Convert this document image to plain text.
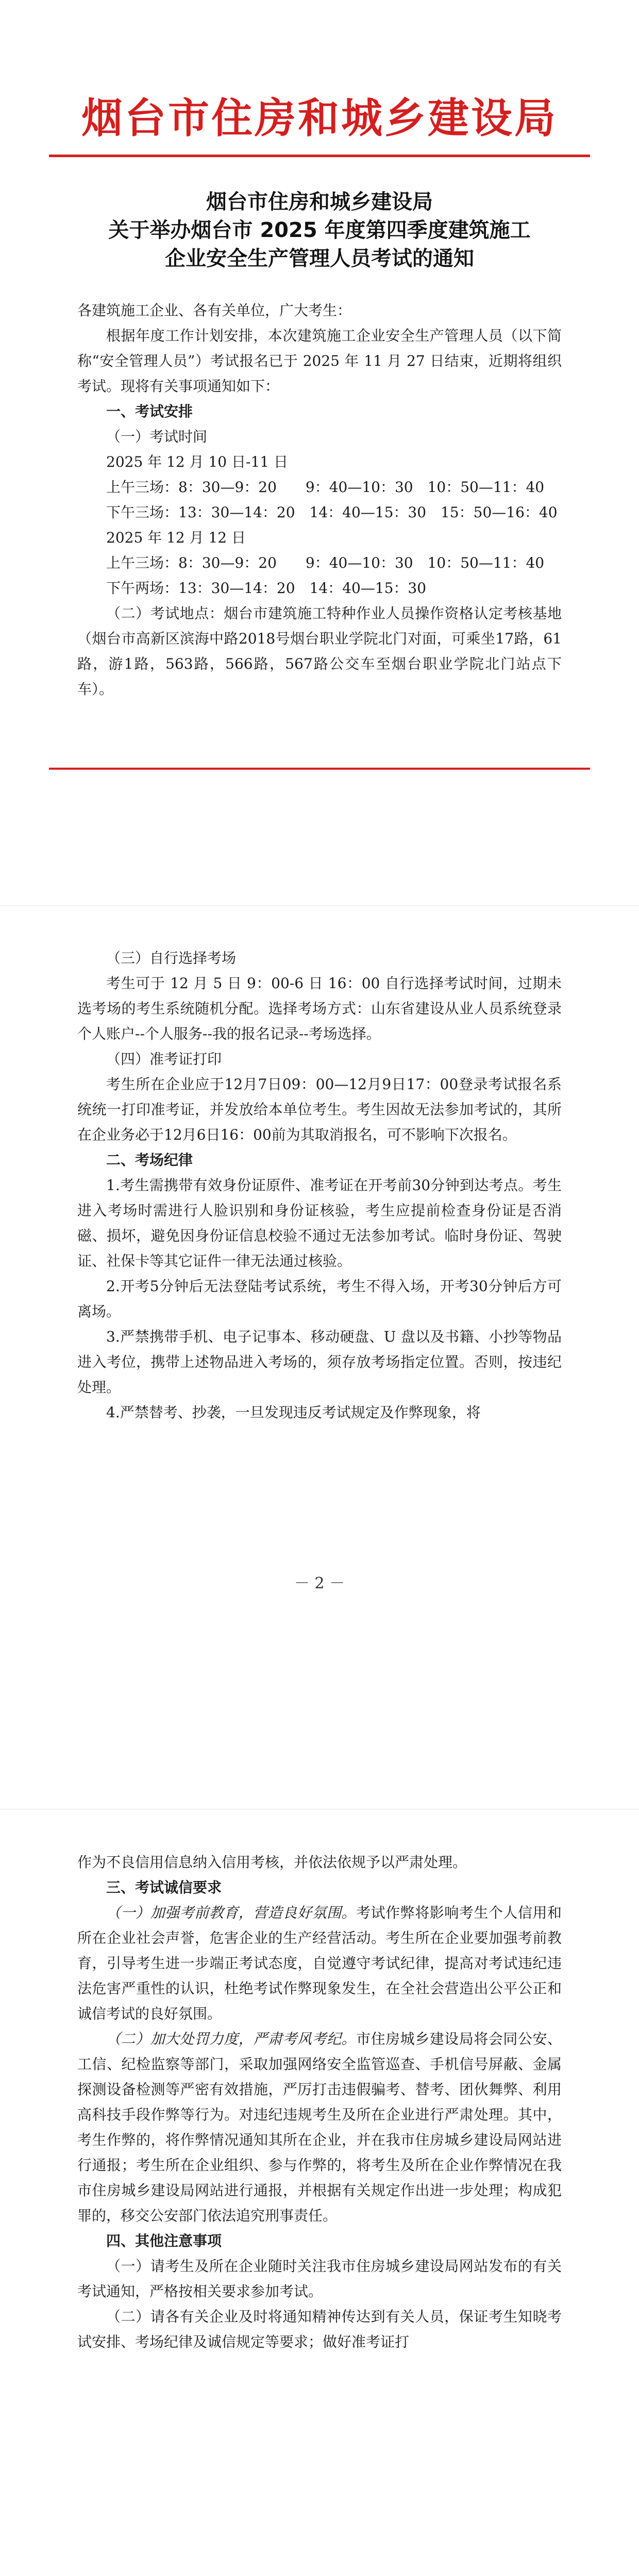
烟台市住房和城乡建设局
烟台市住房和城乡建设局
关于举办烟台市 2025 年度第四季度建筑施工
企业安全生产管理人员考试的通知

各建筑施工企业、各有关单位，广大考生：

根据年度工作计划安排，本次建筑施工企业安全生产管理人员（以下简称“安全管理人员”）考试报名已于 2025 年 11 月 27 日结束，近期将组织考试。现将有关事项通知如下：

一、考试安排

（一）考试时间

2025 年 12 月 10 日-11 日

上午三场：8：30—9：20　　9：40—10：30　10：50—11：40

下午三场：13：30—14：20　14：40—15：30　15：50—16：40

2025 年 12 月 12 日

上午三场：8：30—9：20　　9：40—10：30　10：50—11：40

下午两场：13：30—14：20　14：40—15：30

（二）考试地点：烟台市建筑施工特种作业人员操作资格认定考核基地（烟台市高新区滨海中路2018号烟台职业学院北门对面，可乘坐17路，61路，游1路，563路，566路，567路公交车至烟台职业学院北门站点下车）。

（三）自行选择考场

考生可于 12 月 5 日 9：00-6 日 16：00 自行选择考试时间，过期未选考场的考生系统随机分配。选择考场方式：山东省建设从业人员系统登录个人账户--个人服务--我的报名记录--考场选择。

（四）准考证打印

考生所在企业应于12月7日09：00—12月9日17：00登录考试报名系统统一打印准考证，并发放给本单位考生。考生因故无法参加考试的，其所在企业务必于12月6日16：00前为其取消报名，可不影响下次报名。

二、考场纪律

1.考生需携带有效身份证原件、准考证在开考前30分钟到达考点。考生进入考场时需进行人脸识别和身份证核验，考生应提前检查身份证是否消磁、损坏，避免因身份证信息校验不通过无法参加考试。临时身份证、驾驶证、社保卡等其它证件一律无法通过核验。

2.开考5分钟后无法登陆考试系统，考生不得入场，开考30分钟后方可离场。

3.严禁携带手机、电子记事本、移动硬盘、U 盘以及书籍、小抄等物品进入考位，携带上述物品进入考场的，须存放考场指定位置。否则，按违纪处理。

4.严禁替考、抄袭，一旦发现违反考试规定及作弊现象，将

－ 2 －

作为不良信用信息纳入信用考核，并依法依规予以严肃处理。

三、考试诚信要求

（一）加强考前教育，营造良好氛围。考试作弊将影响考生个人信用和所在企业社会声誉，危害企业的生产经营活动。考生所在企业要加强考前教育，引导考生进一步端正考试态度，自觉遵守考试纪律，提高对考试违纪违法危害严重性的认识，杜绝考试作弊现象发生，在全社会营造出公平公正和诚信考试的良好氛围。

（二）加大处罚力度，严肃考风考纪。市住房城乡建设局将会同公安、工信、纪检监察等部门，采取加强网络安全监管巡查、手机信号屏蔽、金属探测设备检测等严密有效措施，严厉打击违假骗考、替考、团伙舞弊、利用高科技手段作弊等行为。对违纪违规考生及所在企业进行严肃处理。其中，考生作弊的，将作弊情况通知其所在企业，并在我市住房城乡建设局网站进行通报；考生所在企业组织、参与作弊的，将考生及所在企业作弊情况在我市住房城乡建设局网站进行通报，并根据有关规定作出进一步处理；构成犯罪的，移交公安部门依法追究刑事责任。

四、其他注意事项

（一）请考生及所在企业随时关注我市住房城乡建设局网站发布的有关考试通知，严格按相关要求参加考试。

（二）请各有关企业及时将通知精神传达到有关人员，保证考生知晓考试安排、考场纪律及诚信规定等要求；做好准考证打
